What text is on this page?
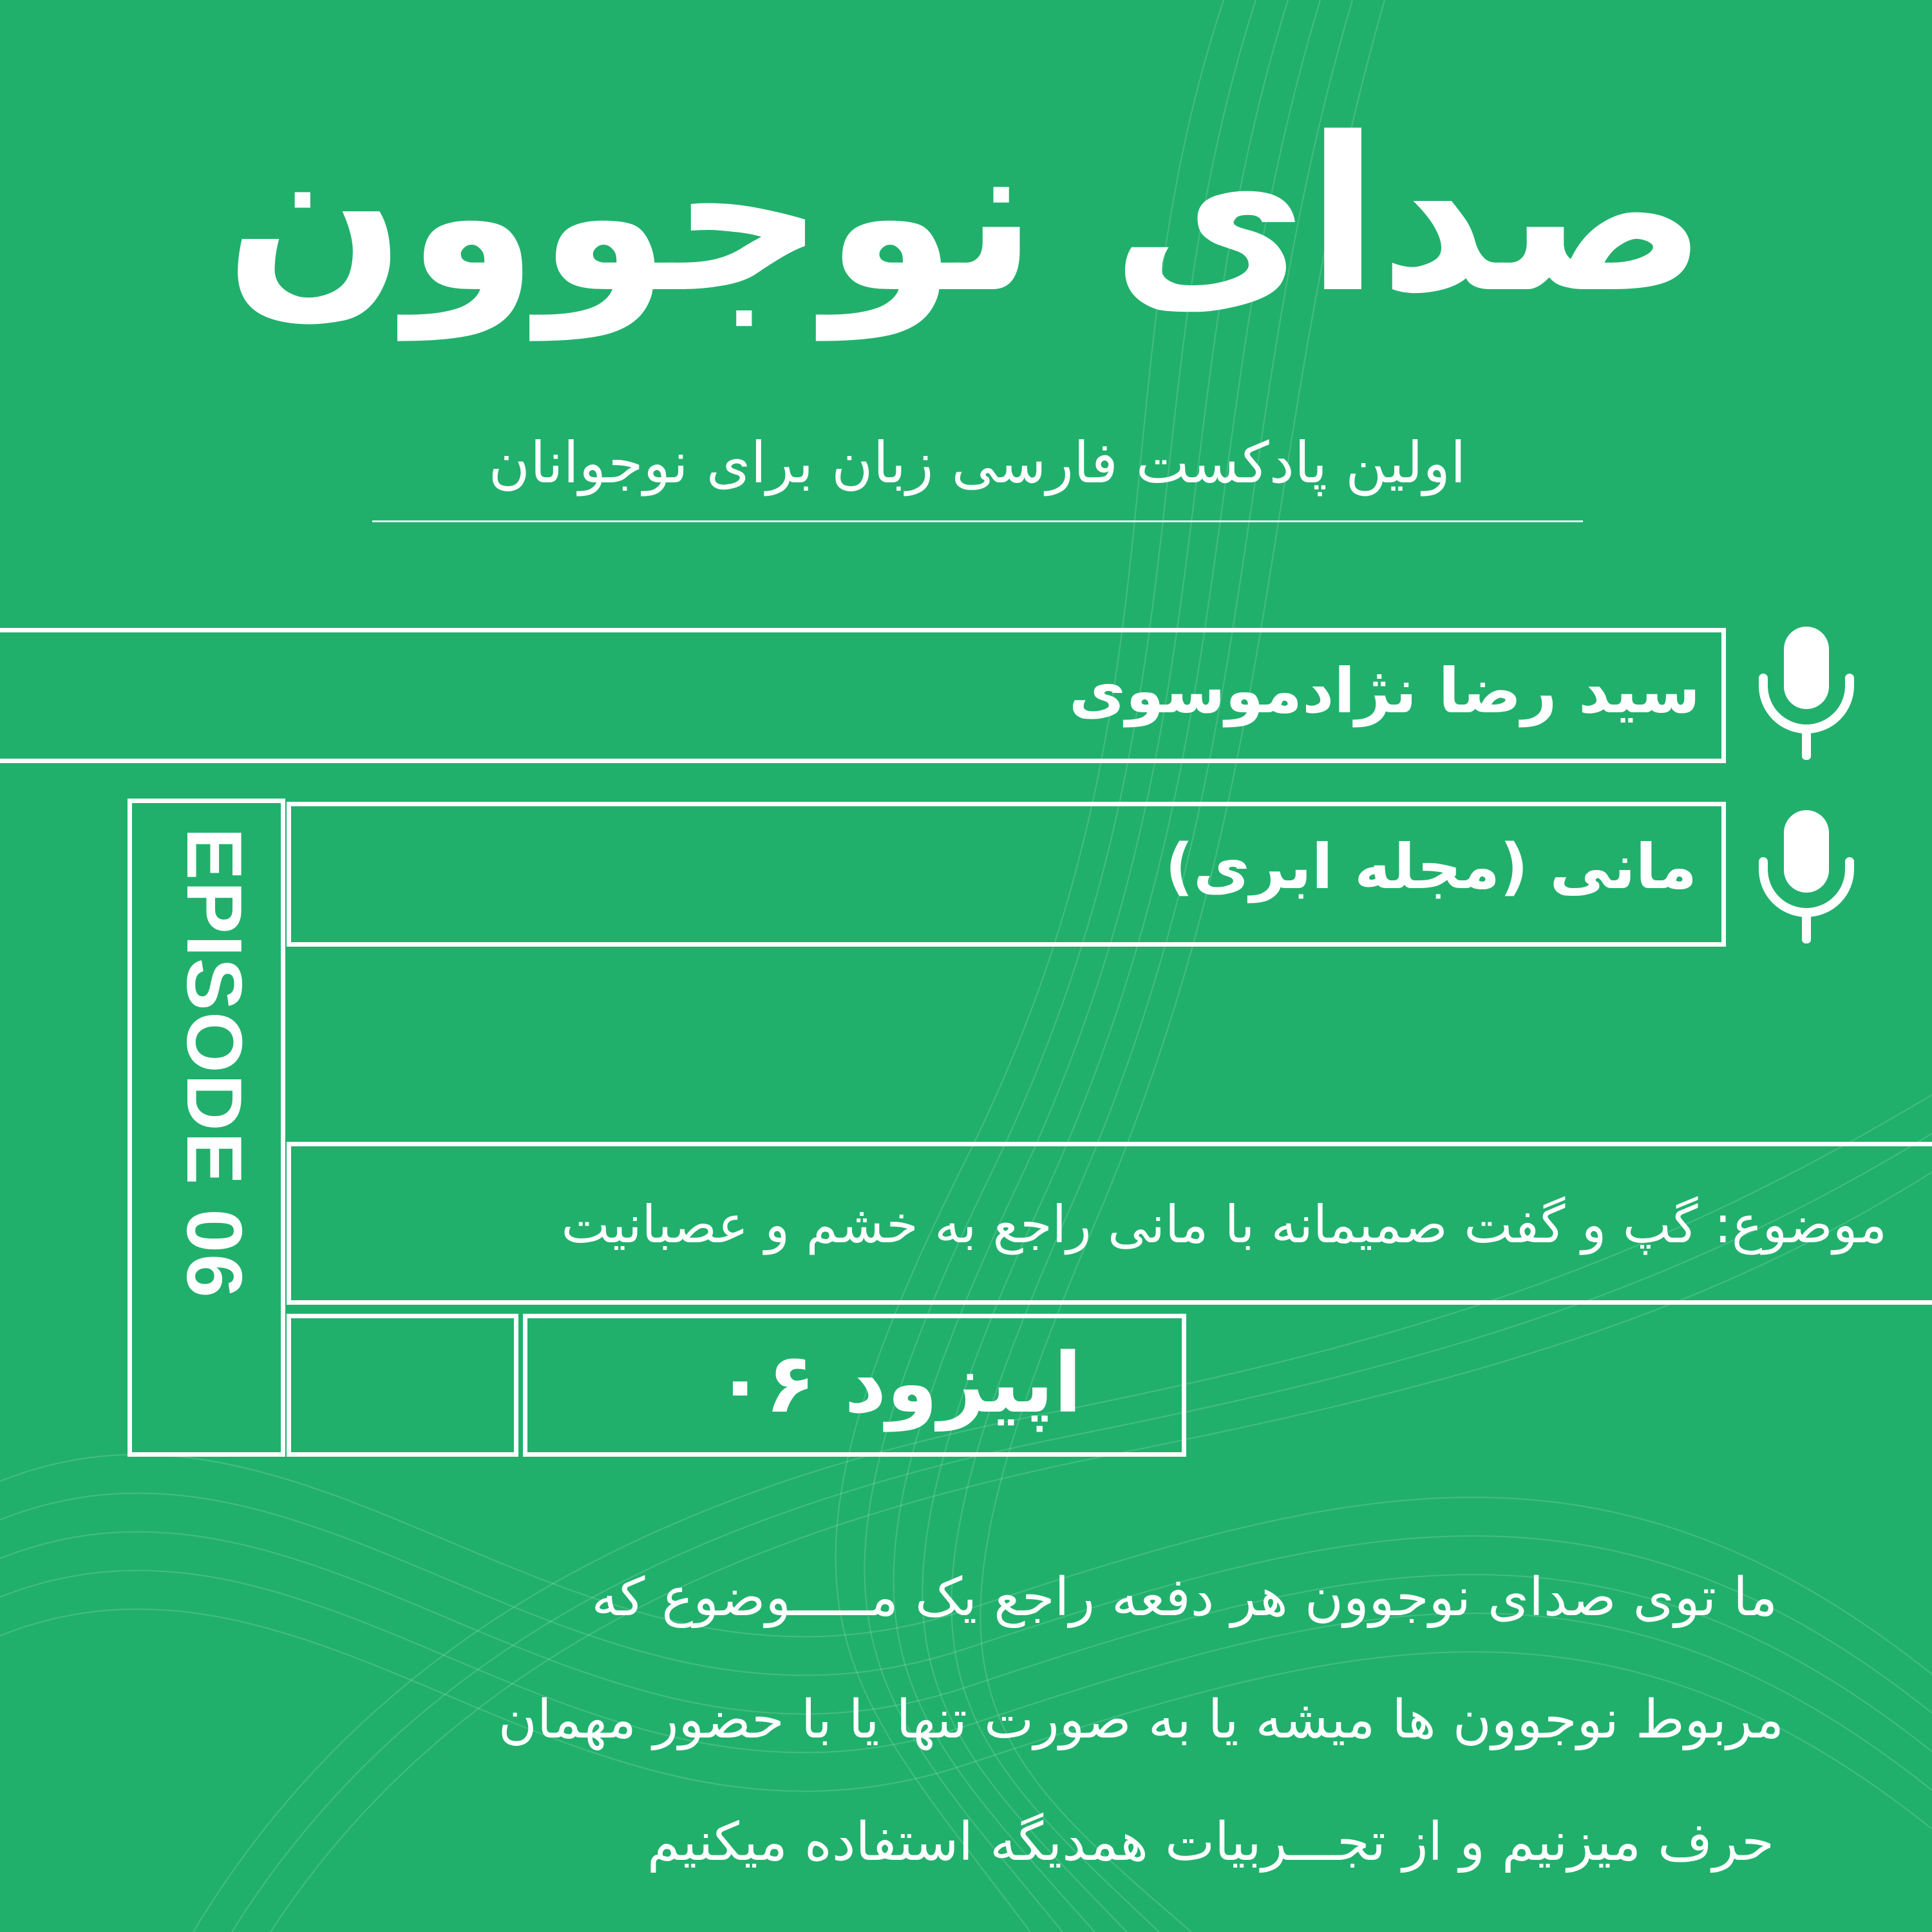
صدای نوجوون
اولین پادکست فارسی زبان برای نوجوانان
سید رضا نژادموسوی
مانی (مجله ابری)
EPISODE 06	موضوع: گپ و گفت صمیمانه با مانی راجع به خشم و عصبانیت
اپیزود ۰۶
ما توی صدای نوجوون هر دفعه راجع یک مـــــوضوع که
مربوط نوجوون ها میشه یا به صورت تنها یا با حضور مهمان
حرف میزنیم و از تجـــربیات همدیگه استفاده میکنیم
